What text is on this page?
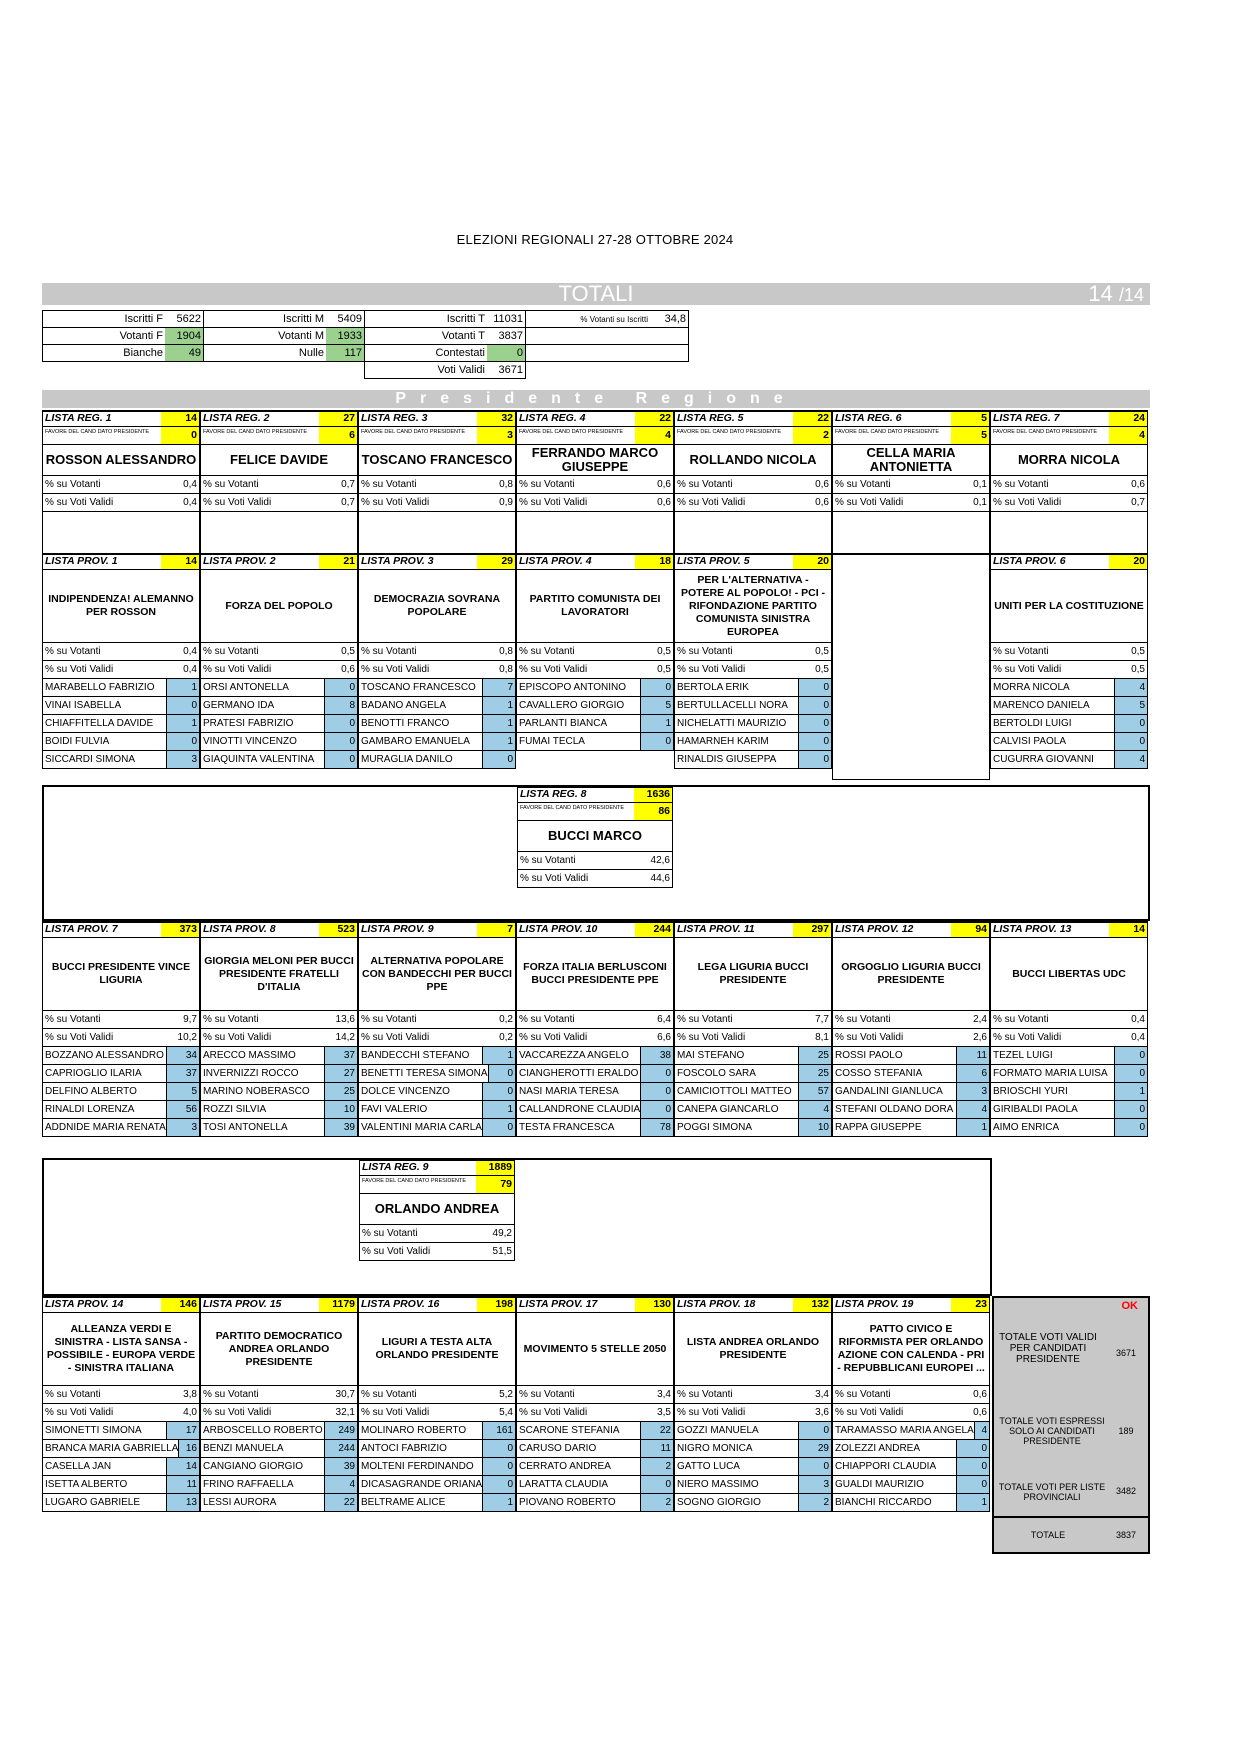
ELEZIONI REGIONALI 27-28 OTTOBRE 2024
TOTALI	14 /14
Iscritti F	5622	Iscritti M	5409	Iscritti T	11031	% Votanti su Iscritti	34,8
Votanti F	1904	Votanti M	1933	Votanti T	3837		
Bianche	49	Nulle	117	Contestati	0		
				Voti Validi	3671		
Presidente Regione
LISTA REG. 1	14
FAVORE DEL CAND DATO PRESIDENTE	0
ROSSON ALESSANDRO
% su Votanti	0,4
% su Voti Validi	0,4
LISTA REG. 2	27
FAVORE DEL CAND DATO PRESIDENTE	6
FELICE DAVIDE
% su Votanti	0,7
% su Voti Validi	0,7
LISTA REG. 3	32
FAVORE DEL CAND DATO PRESIDENTE	3
TOSCANO FRANCESCO
% su Votanti	0,8
% su Voti Validi	0,9
LISTA REG. 4	22
FAVORE DEL CAND DATO PRESIDENTE	4
FERRANDO MARCO GIUSEPPE
% su Votanti	0,6
% su Voti Validi	0,6
LISTA REG. 5	22
FAVORE DEL CAND DATO PRESIDENTE	2
ROLLANDO NICOLA
% su Votanti	0,6
% su Voti Validi	0,6
LISTA REG. 6	5
FAVORE DEL CAND DATO PRESIDENTE	5
CELLA MARIA ANTONIETTA
% su Votanti	0,1
% su Voti Validi	0,1
LISTA REG. 7	24
FAVORE DEL CAND DATO PRESIDENTE	4
MORRA NICOLA
% su Votanti	0,6
% su Voti Validi	0,7
LISTA PROV. 1	14
INDIPENDENZA! ALEMANNO PER ROSSON
% su Votanti	0,4
% su Voti Validi	0,4
MARABELLO FABRIZIO	1
VINAI ISABELLA	0
CHIAFFITELLA DAVIDE	1
BOIDI FULVIA	0
SICCARDI SIMONA	3
LISTA PROV. 2	21
FORZA DEL POPOLO
% su Votanti	0,5
% su Voti Validi	0,6
ORSI ANTONELLA	0
GERMANO IDA	8
PRATESI FABRIZIO	0
VINOTTI VINCENZO	0
GIAQUINTA VALENTINA	0
LISTA PROV. 3	29
DEMOCRAZIA SOVRANA POPOLARE
% su Votanti	0,8
% su Voti Validi	0,8
TOSCANO FRANCESCO	7
BADANO ANGELA	1
BENOTTI FRANCO	1
GAMBARO EMANUELA	1
MURAGLIA DANILO	0
LISTA PROV. 4	18
PARTITO COMUNISTA DEI LAVORATORI
% su Votanti	0,5
% su Voti Validi	0,5
EPISCOPO ANTONINO	0
CAVALLERO GIORGIO	5
PARLANTI BIANCA	1
FUMAI TECLA	0
LISTA PROV. 5	20
PER L'ALTERNATIVA - POTERE AL POPOLO! - PCI - RIFONDAZIONE PARTITO COMUNISTA SINISTRA EUROPEA
% su Votanti	0,5
% su Voti Validi	0,5
BERTOLA ERIK	0
BERTULLACELLI NORA	0
NICHELATTI MAURIZIO	0
HAMARNEH KARIM	0
RINALDIS GIUSEPPA	0
LISTA PROV. 6	20
UNITI PER LA COSTITUZIONE
% su Votanti	0,5
% su Voti Validi	0,5
MORRA NICOLA	4
MARENCO DANIELA	5
BERTOLDI LUIGI	0
CALVISI PAOLA	0
CUGURRA GIOVANNI	4
LISTA REG. 8	1636
FAVORE DEL CAND DATO PRESIDENTE	86
BUCCI MARCO
% su Votanti	42,6
% su Voti Validi	44,6
LISTA PROV. 7	373
BUCCI PRESIDENTE VINCE LIGURIA
% su Votanti	9,7
% su Voti Validi	10,2
BOZZANO ALESSANDRO	34
CAPRIOGLIO ILARIA	37
DELFINO ALBERTO	5
RINALDI LORENZA	56
ADDNIDE MARIA RENATA	3
LISTA PROV. 8	523
GIORGIA MELONI PER BUCCI PRESIDENTE FRATELLI D'ITALIA
% su Votanti	13,6
% su Voti Validi	14,2
ARECCO MASSIMO	37
INVERNIZZI ROCCO	27
MARINO NOBERASCO	25
ROZZI SILVIA	10
TOSI ANTONELLA	39
LISTA PROV. 9	7
ALTERNATIVA POPOLARE CON BANDECCHI PER BUCCI PPE
% su Votanti	0,2
% su Voti Validi	0,2
BANDECCHI STEFANO	1
BENETTI TERESA SIMONA	0
DOLCE VINCENZO	0
FAVI VALERIO	1
VALENTINI MARIA CARLA	0
LISTA PROV. 10	244
FORZA ITALIA BERLUSCONI BUCCI PRESIDENTE PPE
% su Votanti	6,4
% su Voti Validi	6,6
VACCAREZZA ANGELO	38
CIANGHEROTTI ERALDO	0
NASI MARIA TERESA	0
CALLANDRONE CLAUDIA	0
TESTA FRANCESCA	78
LISTA PROV. 11	297
LEGA LIGURIA BUCCI PRESIDENTE
% su Votanti	7,7
% su Voti Validi	8,1
MAI STEFANO	25
FOSCOLO SARA	25
CAMICIOTTOLI MATTEO	57
CANEPA GIANCARLO	4
POGGI SIMONA	10
LISTA PROV. 12	94
ORGOGLIO LIGURIA BUCCI PRESIDENTE
% su Votanti	2,4
% su Voti Validi	2,6
ROSSI PAOLO	11
COSSO STEFANIA	6
GANDALINI GIANLUCA	3
STEFANI OLDANO DORA	4
RAPPA GIUSEPPE	1
LISTA PROV. 13	14
BUCCI LIBERTAS UDC
% su Votanti	0,4
% su Voti Validi	0,4
TEZEL LUIGI	0
FORMATO MARIA LUISA	0
BRIOSCHI YURI	1
GIRIBALDI PAOLA	0
AIMO ENRICA	0
LISTA REG. 9	1889
FAVORE DEL CAND DATO PRESIDENTE	79
ORLANDO ANDREA
% su Votanti	49,2
% su Voti Validi	51,5
LISTA PROV. 14	146
ALLEANZA VERDI E SINISTRA - LISTA SANSA - POSSIBILE - EUROPA VERDE - SINISTRA ITALIANA
% su Votanti	3,8
% su Voti Validi	4,0
SIMONETTI SIMONA	17
BRANCA MARIA GABRIELLA 16
CASELLA JAN	14
ISETTA ALBERTO	11
LUGARO GABRIELE	13
LISTA PROV. 15	1179
PARTITO DEMOCRATICO ANDREA ORLANDO PRESIDENTE
% su Votanti	30,7
% su Voti Validi	32,1
ARBOSCELLO ROBERTO	249
BENZI MANUELA	244
CANGIANO GIORGIO	39
FRINO RAFFAELLA	4
LESSI AURORA	22
LISTA PROV. 16	198
LIGURI A TESTA ALTA ORLANDO PRESIDENTE
% su Votanti	5,2
% su Voti Validi	5,4
MOLINARO ROBERTO	161
ANTOCI FABRIZIO	0
MOLTENI FERDINANDO	0
DICASAGRANDE ORIANA	0
BELTRAME ALICE	1
LISTA PROV. 17	130
MOVIMENTO 5 STELLE 2050
% su Votanti	3,4
% su Voti Validi	3,5
SCARONE STEFANIA	22
CARUSO DARIO	11
CERRATO ANDREA	2
LARATTA CLAUDIA	0
PIOVANO ROBERTO	2
LISTA PROV. 18	132
LISTA ANDREA ORLANDO PRESIDENTE
% su Votanti	3,4
% su Voti Validi	3,6
GOZZI MANUELA	0
NIGRO MONICA	29
GATTO LUCA	0
NIERO MASSIMO	3
SOGNO GIORGIO	2
LISTA PROV. 19	23
PATTO CIVICO E RIFORMISTA PER ORLANDO AZIONE CON CALENDA - PRI - REPUBBLICANI EUROPEI ...
% su Votanti	0,6
% su Voti Validi	0,6
TARAMASSO MARIA ANGELA 4
ZOLEZZI ANDREA	0
CHIAPPORI CLAUDIA	0
GUALDI MAURIZIO	0
BIANCHI RICCARDO	1
OK
TOTALE VOTI VALIDI PER CANDIDATI PRESIDENTE
3671
TOTALE VOTI ESPRESSI SOLO AI CANDIDATI PRESIDENTE
189
TOTALE VOTI PER LISTE PROVINCIALI
3482
TOTALE	3837
